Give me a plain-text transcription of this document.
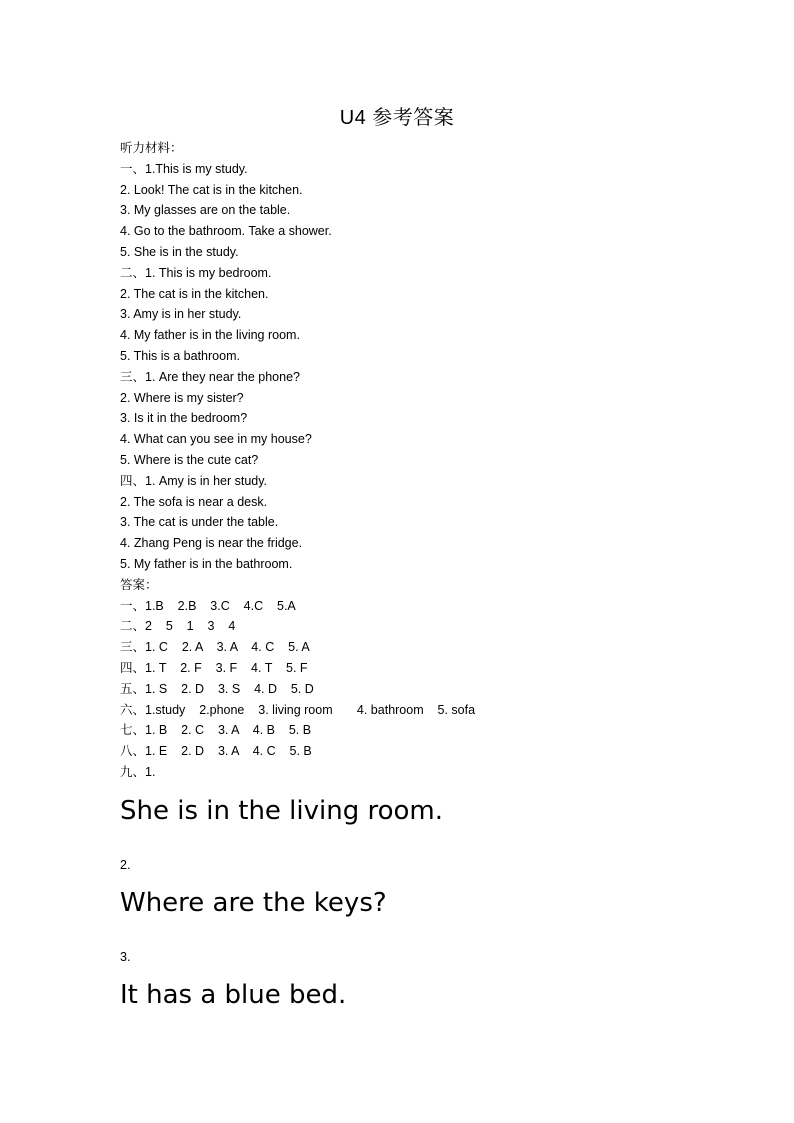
U4 参考答案
听力材料：
一、1.This is my study.
2. Look! The cat is in the kitchen.
3. My glasses are on the table.
4. Go to the bathroom. Take a shower.
5. She is in the study.
二、1. This is my bedroom.
2. The cat is in the kitchen.
3. Amy is in her study.
4. My father is in the living room.
5. This is a bathroom.
三、1. Are they near the phone?
2. Where is my sister?
3. Is it in the bedroom?
4. What can you see in my house?
5. Where is the cute cat?
四、1. Amy is in her study.
2. The sofa is near a desk.
3. The cat is under the table.
4. Zhang Peng is near the fridge.
5. My father is in the bathroom.
答案：
一、1.B    2.B    3.C    4.C    5.A
二、2    5    1    3    4
三、1. C    2. A    3. A    4. C    5. A
四、1. T    2. F    3. F    4. T    5. F
五、1. S    2. D    3. S    4. D    5. D
六、1.study    2.phone    3. living room       4. bathroom    5. sofa
七、1. B    2. C    3. A    4. B    5. B
八、1. E    2. D    3. A    4. C    5. B
九、1.
She is in the living room.
2.
Where are the keys?
3.
It has a blue bed.
